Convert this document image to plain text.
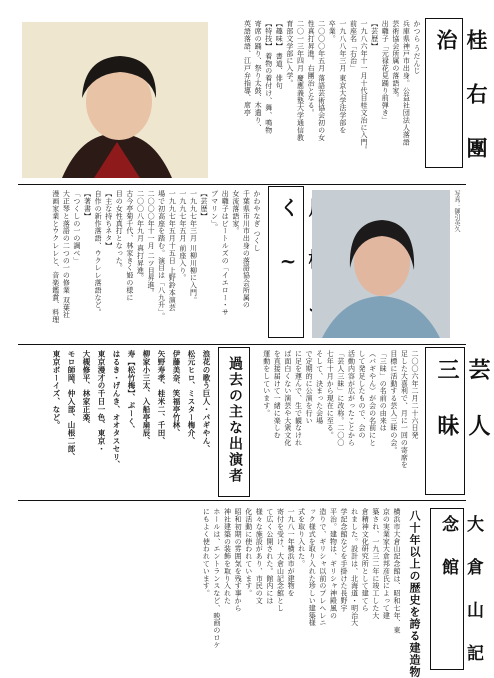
かつら うだんじ
兵庫県神戸市出身。公益社団法人落語
芸術協会所属の落語家。
出囃子「元禄花見踊り前弾き」
【芸歴】
一九八六年十一月十代目桂文治に入門。
前座名「右治」
一九八八年三月 東京大学法学部を
卒業。
二〇〇〇年五月 落語芸術協会初の女
性真打昇進。右團治となる。
二〇一三年四月 慶應義塾大学通信教
育部文学部に入学。
【趣味】 書道、俳句
【特技】 着物の着付け、舞、鳴物
寄席の踊り、祭り太鼓、木遣り、
英語落語、江戸弁指導、席亭	桂 右 團 治
く ~
かわやなぎ つくし
千葉県市川市出身の落語協会所属の
女流落語家。
出囃子はビートルズの「イエロー・サ
ブマリン」。
【芸歴】
一九九七年三月 川柳川柳に入門。
一九九七年五月 前座入り。
一九九七年五月十五日 上野鈴本演芸
場で初高座を踏む。演目は「八九升」。
二〇〇〇年十一月 二ツ目昇進。
二〇〇八年九月 真打昇進。
古今亭菊千代、林家きく姫の様に
目の女性真打となった。
【主な持ちネタ】
自作の新作落語、ウクレレ落語など。
【著書】
「つくしの一の調べ」
大正琴と落語の二つの一の修業 双葉社
漫画家業とウクレレと、音楽鑑賞、料理	写真：御引英久
芸 人 三 昧
二〇〇六年二月二十六日発
足した大喜利で、月に一回の寄席を
目標に活動する芸人三昧の会。
「三昧」の名前の由来は
（バギやん）が会の名前にと
して発足したもので、会の
活動内容が広がったことから
「芸人三昧」に改称。二〇〇
七年十月から現在に至る。
そして、決まった会場
で定期的に公演を行い
に足を運んで、生で観なけれ
ば面白くない演芸や大衆文化
を直接届けて一緒に楽しむ
運動をしています。

過去の主な出演者
浪花の歌う巨人・パギやん、
松元ヒロ、ミスター梅介、
伊藤美奈、笑福亭竹林、
矢野寿孝、桂米二、千田、
柳家小三太、入船亭扇辰、
寿【松竹梅】、ぷーく、
はるき・げんき、オオタスセリ、
東京漫才の千日一色、東京・
大槻修平、林家正楽、
モロ師岡、仲入部、山根二郎、
東京ボーイズ、など。

大 倉 山 記 念 館
八十年以上の歴史を誇る建造物
横浜市大倉山記念館は、昭和七年、東
京の実業家大倉邦彦氏によって建
築され、一九三二年に竣工した大
倉精神文化研究所として建てら
れました。設計は、北海道・明治大
学記念館などを手掛けた長野宇
平治。建物は、ギリシャ神殿風の
造りで、ギリシャ以前のプレヘレニ
ック様式を取り入れた珍しい建築様
式を取り入れた。
一九八一年横浜市が建物を
寄付を受け、大倉山記念館とし
て広く公開された。館内には
様々な施設があり、市民の文
化活動に使われています。
昭和初期の雰囲気を残す事から
神社建築の装飾を取り入れた
ホールは、エントランスなど、映画のロケ
にもよく使われています。
